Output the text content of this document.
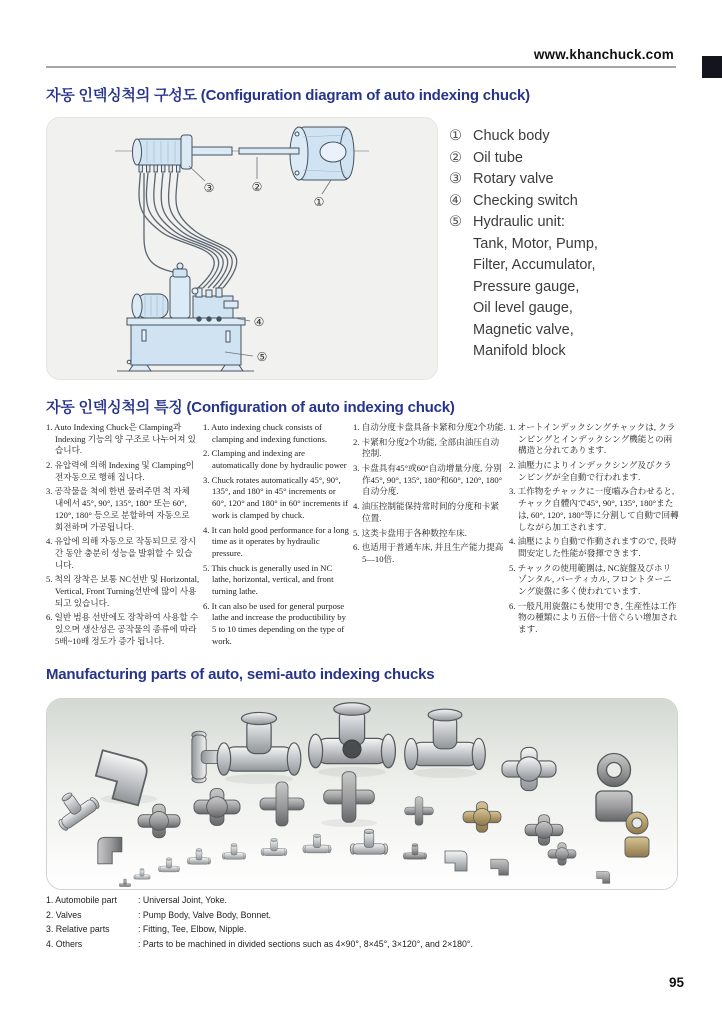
www.khanchuck.com
자동 인덱싱척의 구성도 (Configuration diagram of auto indexing chuck)
③	②
①
④
⑤
① Chuck body
② Oil tube
③ Rotary valve
④ Checking switch
⑤ Hydraulic unit:
Tank, Motor, Pump,
Filter, Accumulator,
Pressure gauge,
Oil level gauge,
Magnetic valve,
Manifold block
자동 인덱싱척의 특징 (Configuration of auto indexing chuck)

1. Auto Indexing Chuck은 Clamping과 Indexing 기능의 양 구조로 나누어져 있습니다.

2. 유압력에 의해 Indexing 및 Clamping이 전자동으로 행해 집니다.

3. 공작물을 척에 한번 물려주면 척 자체 내에서 45°, 90°, 135°, 180° 또는 60°, 120°, 180° 등으로 분할하여 자동으로 회전하며 가공됩니다.

4. 유압에 의해 자동으로 작동되므로 장시간 동안 충분히 성능을 발휘할 수 있습니다.

5. 척의 장착은 보통 NC선반 및 Horizontal, Vertical, Front Turning선반에 많이 사용되고 있습니다.

6. 일반 범용 선반에도 장착하여 사용할 수 있으며 생산성은 공작물의 종류에 따라 5배~10배 정도가 증가 됩니다.

1. Auto indexing chuck consists of clamping and indexing functions.

2. Clamping and indexing are automatically done by hydraulic power

3. Chuck rotates automatically 45°, 90°, 135°, and 180° in 45° increments or 60°, 120° and 180° in 60° increments if work is clamped by chuck.

4. It can hold good performance for a long time as it operates by hydraulic pressure.

5. This chuck is generally used in NC lathe, horizontal, vertical, and front turning lathe.

6. It can also be used for general purpose lathe and increase the productibility by 5 to 10 times depending on the type of work.

1. 自动分度卡盘具备卡紧和分度2个功能.

2. 卡紧和分度2个功能, 全部由油压自动控制.

3. 卡盘具有45°或60°自动增量分度, 分别作45°, 90°, 135°, 180°和60°, 120°, 180°自动分度.

4. 油压控制能保持常时间的分度和卡紧位置.

5. 这类卡盘用于各种数控车床.

6. 也适用于普通车床, 并且生产能力提高5—10倍.

1. オートインデックシングチャックは, クランピングとインデックシング機能との兩構造と分れてあります.

2. 油壓力によりインデックシング及びクランピングが全自動で行われます.

3. 工作物をチャックに一度嚙み合わせると, チャック自體內で45°, 90°, 135°, 180°または, 60°, 120°, 180°等に分割して自動で回轉しながら加工されます.

4. 油壓により自動で作動されますので, 長時間安定した性能が發揮できます.

5. チャックの使用範圍は, NC旋盤及びホリゾンタル, バーティカル, フロントターニング旋盤に多く使われています.

6. 一般凡用旋盤にも使用でき, 生産性は工作物の種類により五倍~十倍ぐらい增加されます.

Manufacturing parts of auto, semi-auto indexing chucks
1. Automobile part	: Universal Joint, Yoke.
2. Valves	: Pump Body, Valve Body, Bonnet.
3. Relative parts	: Fitting, Tee, Elbow, Nipple.
4. Others	: Parts to be machined in divided sections such as 4×90°, 8×45°, 3×120°, and 2×180°.
95
